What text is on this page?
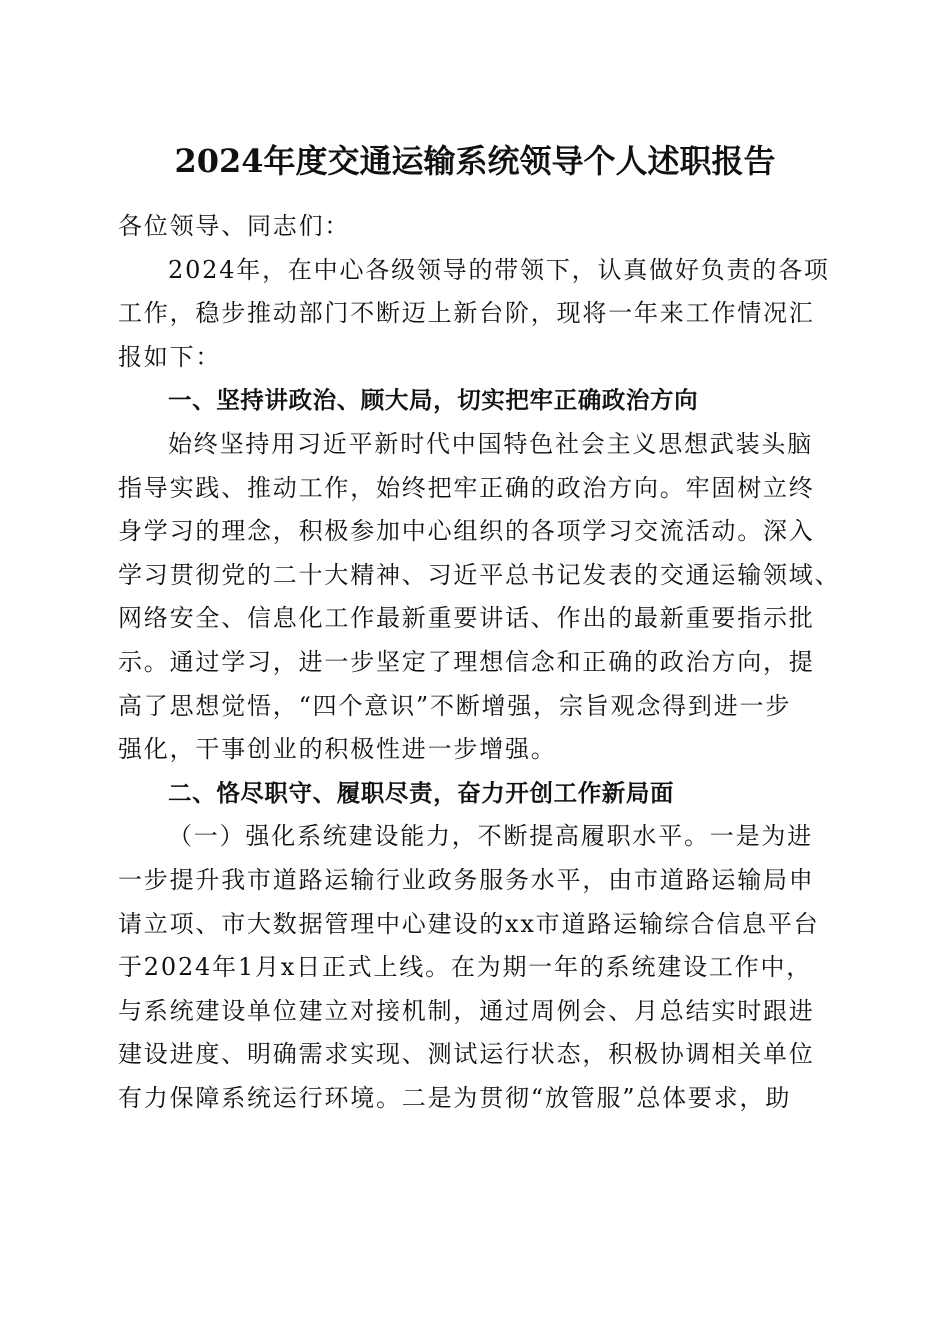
2024年度交通运输系统领导个人述职报告
各位领导、同志们：
2024年，在中心各级领导的带领下，认真做好负责的各项
工作，稳步推动部门不断迈上新台阶，现将一年来工作情况汇
报如下：
一、坚持讲政治、顾大局，切实把牢正确政治方向
始终坚持用习近平新时代中国特色社会主义思想武装头脑
指导实践、推动工作，始终把牢正确的政治方向。牢固树立终
身学习的理念，积极参加中心组织的各项学习交流活动。深入
学习贯彻党的二十大精神、习近平总书记发表的交通运输领域、
网络安全、信息化工作最新重要讲话、作出的最新重要指示批
示。通过学习，进一步坚定了理想信念和正确的政治方向，提
高了思想觉悟，“四个意识”不断增强，宗旨观念得到进一步
强化，干事创业的积极性进一步增强。
二、恪尽职守、履职尽责，奋力开创工作新局面
（一）强化系统建设能力，不断提高履职水平。一是为进
一步提升我市道路运输行业政务服务水平，由市道路运输局申
请立项、市大数据管理中心建设的xx市道路运输综合信息平台
于2024年1月x日正式上线。在为期一年的系统建设工作中，
与系统建设单位建立对接机制，通过周例会、月总结实时跟进
建设进度、明确需求实现、测试运行状态，积极协调相关单位
有力保障系统运行环境。二是为贯彻“放管服”总体要求，助
